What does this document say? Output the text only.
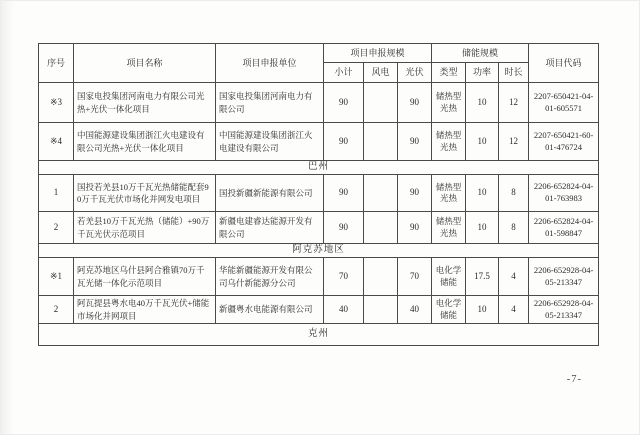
序号	项目名称	项目申报单位	项目申报规模			储能规模			项目代码
			小计	风电	光伏	类型	功率	时长	
※3	国家电投集团河南电力有限公司光热+光伏一体化项目	国家电投集团河南电力有限公司	90		90	储热型光热	10	12	2207-650421-04-01-605571
※4	中国能源建设集团浙江火电建设有限公司光热+光伏一体化项目	中国能源建设集团浙江火电建设有限公司	90		90	储热型光热	10	12	2207-650421-60-01-476724
巴州									
1	国投若羌县10万千瓦光热储能配套90万千瓦光伏市场化并网发电项目	国投新疆新能源有限公司	90		90	储热型光热	10	8	2206-652824-04-01-763983
2	若羌县10万千瓦光热（储能）+90万千瓦光伏示范项目	新疆电建睿达能源开发有限公司	90		90	储热型光热	10	8	2206-652824-04-01-598847
阿克苏地区									
※1	阿克苏地区乌什县阿合雅镇70万千瓦光储一体化示范项目	华能新疆能源开发有限公司乌什新能源分公司	70		70	电化学储能	17.5	4	2206-652928-04-05-213347
2	阿瓦提县粤水电40万千瓦光伏+储能市场化并网项目	新疆粤水电能源有限公司	40		40	电化学储能	10	4	2206-652928-04-05-213347
克州									
-7-
